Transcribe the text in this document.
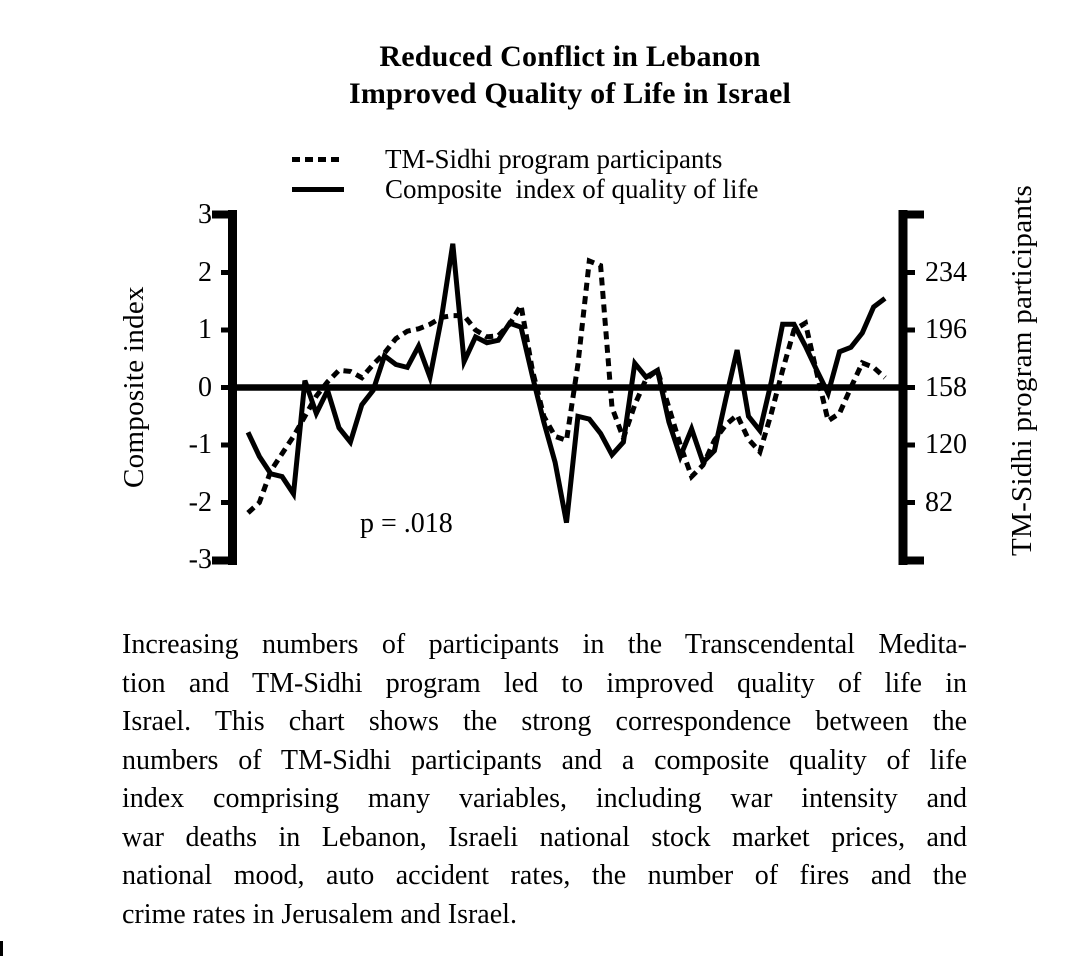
Reduced Conflict in Lebanon
Improved Quality of Life in Israel
TM-Sidhi program participants
Composite  index of quality of life
Composite index	TM-Sidhi program participants
p = .018
Increasing numbers of participants in the Transcendental Medita-
tion and TM-Sidhi program led to improved quality of life in
Israel. This chart shows the strong correspondence between the
numbers of TM-Sidhi participants and a composite quality of life
index comprising many variables, including war intensity and
war deaths in Lebanon, Israeli national stock market prices, and
national mood, auto accident rates, the number of fires and the
crime rates in Jerusalem and Israel.
3
2
1
0
-1
-2
-3
234
196
158
120
82
